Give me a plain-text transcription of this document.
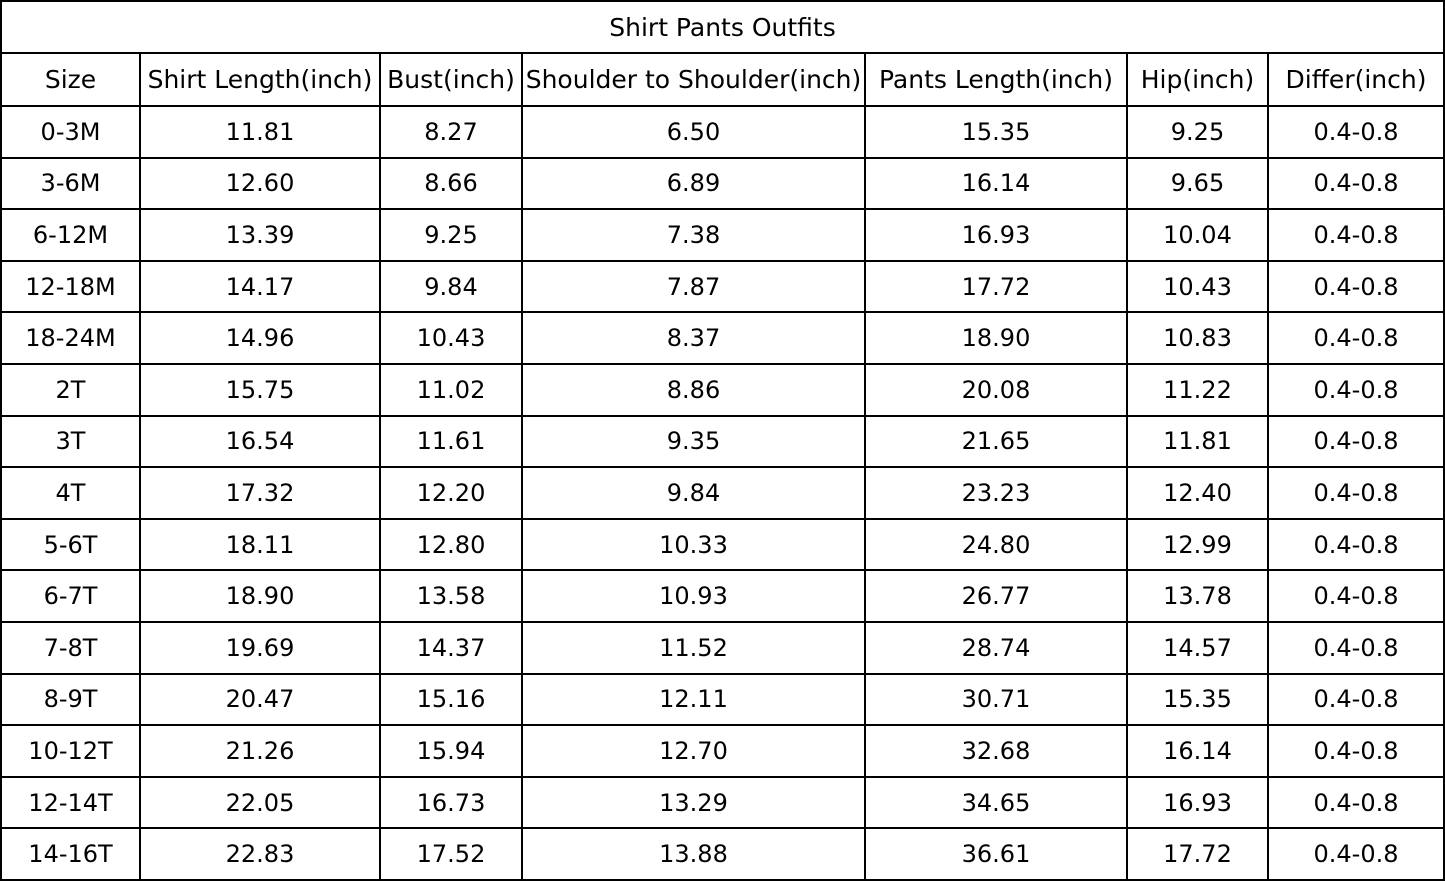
Shirt Pants Outfits						
Size	Shirt Length(inch)	Bust(inch)	Shoulder to Shoulder(inch)	Pants Length(inch)	Hip(inch)	Differ(inch)
0-3M	11.81	8.27	6.50	15.35	9.25	0.4-0.8
3-6M	12.60	8.66	6.89	16.14	9.65	0.4-0.8
6-12M	13.39	9.25	7.38	16.93	10.04	0.4-0.8
12-18M	14.17	9.84	7.87	17.72	10.43	0.4-0.8
18-24M	14.96	10.43	8.37	18.90	10.83	0.4-0.8
2T	15.75	11.02	8.86	20.08	11.22	0.4-0.8
3T	16.54	11.61	9.35	21.65	11.81	0.4-0.8
4T	17.32	12.20	9.84	23.23	12.40	0.4-0.8
5-6T	18.11	12.80	10.33	24.80	12.99	0.4-0.8
6-7T	18.90	13.58	10.93	26.77	13.78	0.4-0.8
7-8T	19.69	14.37	11.52	28.74	14.57	0.4-0.8
8-9T	20.47	15.16	12.11	30.71	15.35	0.4-0.8
10-12T	21.26	15.94	12.70	32.68	16.14	0.4-0.8
12-14T	22.05	16.73	13.29	34.65	16.93	0.4-0.8
14-16T	22.83	17.52	13.88	36.61	17.72	0.4-0.8
